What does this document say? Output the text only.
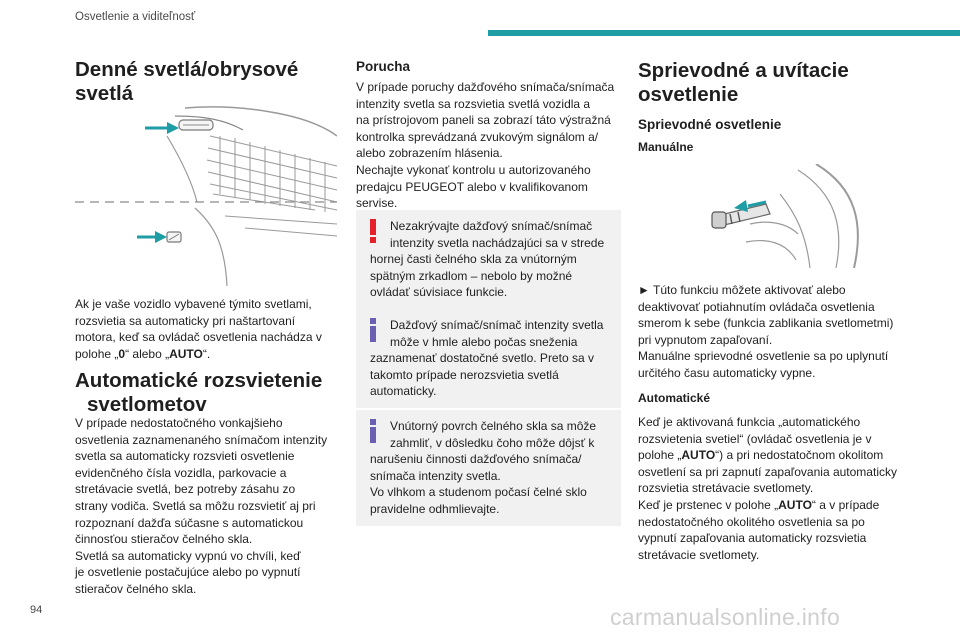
Osvetlenie a viditeľnosť
Denné svetlá/obrysové
svetlá

Ak je vaše vozidlo vybavené týmito svetlami,
rozsvietia sa automaticky pri naštartovaní
motora, keď sa ovládač osvetlenia nachádza v
polohe „0“ alebo „AUTO“.

Automatické rozsvietenie
svetlometov

V prípade nedostatočného vonkajšieho
osvetlenia zaznamenaného snímačom intenzity
svetla sa automaticky rozsvieti osvetlenie
evidenčného čísla vozidla, parkovacie a
stretávacie svetlá, bez potreby zásahu zo
strany vodiča. Svetlá sa môžu rozsvietiť aj pri
rozpoznaní dažďa súčasne s automatickou
činnosťou stieračov čelného skla.
Svetlá sa automaticky vypnú vo chvíli, keď
je osvetlenie postačujúce alebo po vypnutí
stieračov čelného skla.

Porucha

V prípade poruchy dažďového snímača/snímača
intenzity svetla sa rozsvietia svetlá vozidla a
na prístrojovom paneli sa zobrazí táto výstražná
kontrolka sprevádzaná zvukovým signálom a/
alebo zobrazením hlásenia.
Nechajte vykonať kontrolu u autorizovaného
predajcu PEUGEOT alebo v kvalifikovanom
servise.

Nezakrývajte dažďový snímač/snímač
intenzity svetla nachádzajúci sa v strede
hornej časti čelného skla za vnútorným
spätným zrkadlom – nebolo by možné
ovládať súvisiace funkcie.
Dažďový snímač/snímač intenzity svetla
môže v hmle alebo počas sneženia
zaznamenať dostatočné svetlo. Preto sa v
takomto prípade nerozsvietia svetlá
automaticky.
Vnútorný povrch čelného skla sa môže
zahmliť, v dôsledku čoho môže dôjsť k
narušeniu činnosti dažďového snímača/
snímača intenzity svetla.
Vo vlhkom a studenom počasí čelné sklo
pravidelne odhmlievajte.
Sprievodné a uvítacie
osvetlenie
Sprievodné osvetlenie
Manuálne

► Túto funkciu môžete aktivovať alebo
deaktivovať potiahnutím ovládača osvetlenia
smerom k sebe (funkcia zablikania svetlometmi)
pri vypnutom zapaľovaní.
Manuálne sprievodné osvetlenie sa po uplynutí
určitého času automaticky vypne.

Automatické

Keď je aktivovaná funkcia „automatického
rozsvietenia svetiel“ (ovládač osvetlenia je v
polohe „AUTO“) a pri nedostatočnom okolitom
osvetlení sa pri zapnutí zapaľovania automaticky
rozsvietia stretávacie svetlomety.
Keď je prstenec v polohe „AUTO“ a v prípade
nedostatočného okolitého osvetlenia sa po
vypnutí zapaľovania automaticky rozsvietia
stretávacie svetlomety.

94	carmanualsonline.info
